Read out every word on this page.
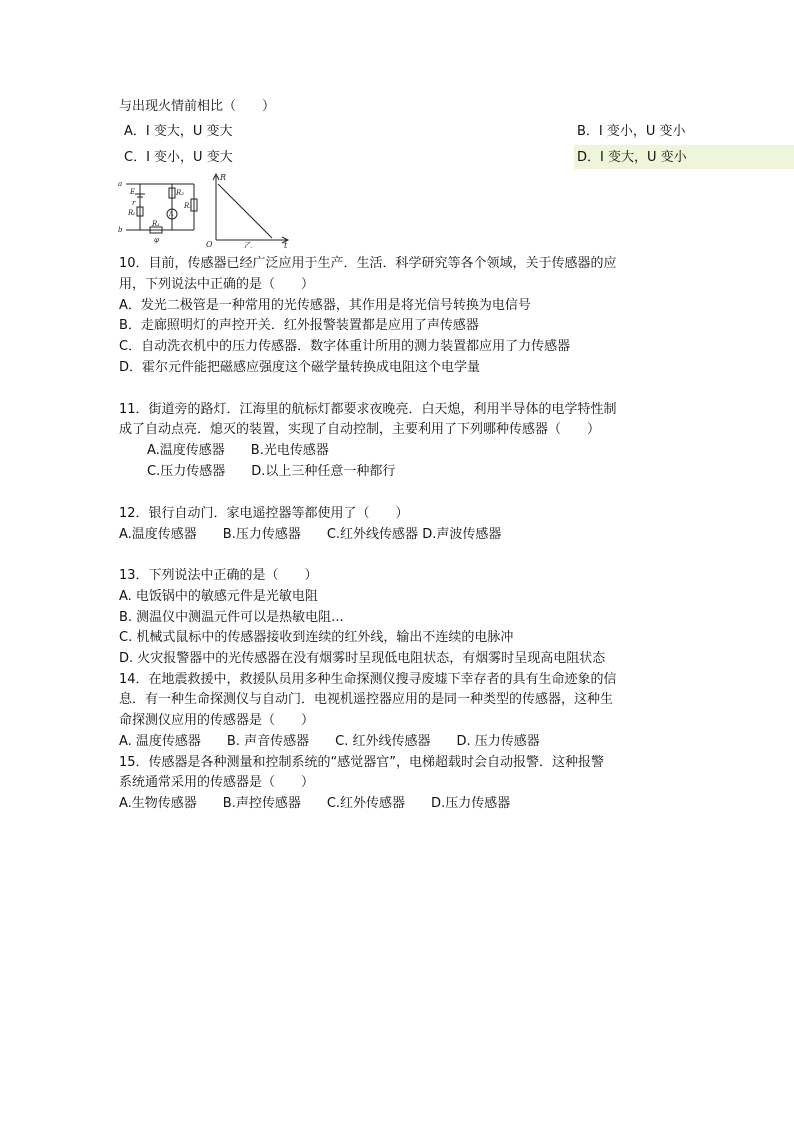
与出现火情前相比（　　）
A．I 变大，U 变大	B．I 变小，U 变小
C．I 变小，U 变大	D．I 变大，U 变小
a
b
E
r
Rₜ
R₂
A
R₃
R₁
φ
R
O	t
乙
10．目前，传感器已经广泛应用于生产．生活．科学研究等各个领域，关于传感器的应
用，下列说法中正确的是（　　）
A．发光二极管是一种常用的光传感器，其作用是将光信号转换为电信号
B．走廊照明灯的声控开关．红外报警装置都是应用了声传感器
C．自动洗衣机中的压力传感器．数字体重计所用的测力装置都应用了力传感器
D．霍尔元件能把磁感应强度这个磁学量转换成电阻这个电学量
11．街道旁的路灯．江海里的航标灯都要求夜晚亮．白天熄，利用半导体的电学特性制
成了自动点亮．熄灭的装置，实现了自动控制，主要利用了下列哪种传感器（　　）
A.温度传感器　　B.光电传感器
C.压力传感器　　D.以上三种任意一种都行
12．银行自动门．家电遥控器等都使用了（　　）
A.温度传感器　　B.压力传感器　　C.红外线传感器 D.声波传感器
13．下列说法中正确的是（　　）
A. 电饭锅中的敏感元件是光敏电阻
B. 测温仪中测温元件可以是热敏电阻...
C. 机械式鼠标中的传感器接收到连续的红外线，输出不连续的电脉冲
D. 火灾报警器中的光传感器在没有烟雾时呈现低电阻状态，有烟雾时呈现高电阻状态
14．在地震救援中，救援队员用多种生命探测仪搜寻废墟下幸存者的具有生命迹象的信
息．有一种生命探测仪与自动门．电视机遥控器应用的是同一种类型的传感器，这种生
命探测仪应用的传感器是（　　）
A. 温度传感器　　B. 声音传感器　　C. 红外线传感器　　D. 压力传感器
15．传感器是各种测量和控制系统的“感觉器官”，电梯超载时会自动报警．这种报警
系统通常采用的传感器是（　　）
A.生物传感器　　B.声控传感器　　C.红外传感器　　D.压力传感器
